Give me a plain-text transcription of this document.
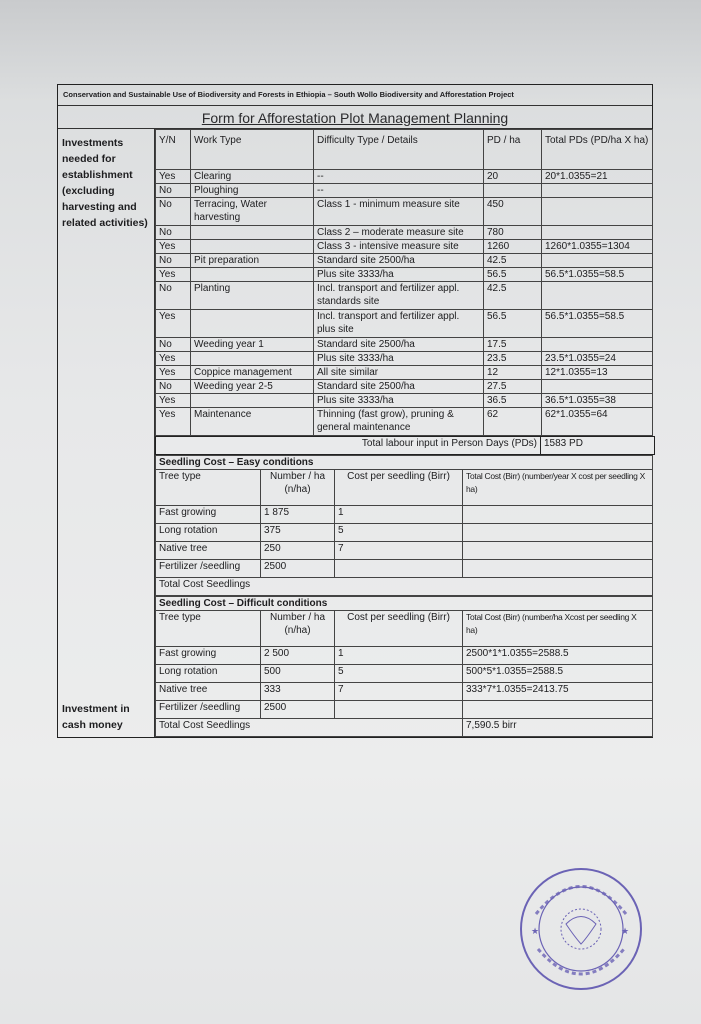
Conservation and Sustainable Use of Biodiversity and Forests in Ethiopia – South Wollo Biodiversity and Afforestation Project
Form for Afforestation Plot Management Planning
Investments needed for establishment (excluding harvesting and related activities)
Investment in cash money
Y/N	Work Type	Difficulty Type / Details	PD / ha	Total PDs (PD/ha X ha)
Yes	Clearing	--	20	20*1.0355=21
No	Ploughing	--		
No	Terracing, Water harvesting	Class 1 - minimum measure site	450	
No		Class 2 – moderate measure site	780	
Yes		Class 3 - intensive measure site	1260	1260*1.0355=1304
No	Pit preparation	Standard site 2500/ha	42.5	
Yes		Plus site 3333/ha	56.5	56.5*1.0355=58.5
No	Planting	Incl. transport and fertilizer appl. standards site	42.5	
Yes		Incl. transport and fertilizer appl. plus site	56.5	56.5*1.0355=58.5
No	Weeding year 1	Standard site 2500/ha	17.5	
Yes		Plus site 3333/ha	23.5	23.5*1.0355=24
Yes	Coppice management	All site similar	12	12*1.0355=13
No	Weeding year 2-5	Standard site 2500/ha	27.5	
Yes		Plus site 3333/ha	36.5	36.5*1.0355=38
Yes	Maintenance	Thinning (fast grow), pruning & general maintenance	62	62*1.0355=64
Total labour input in Person Days (PDs)	1583 PD
Seedling Cost – Easy conditions			
Tree type	Number / ha (n/ha)	Cost per seedling (Birr)	Total Cost (Birr) (number/year X cost per seedling X ha)
Fast growing	1 875	1	
Long rotation	375	5	
Native tree	250	7	
Fertilizer /seedling	2500		
Total Cost Seedlings			
Seedling Cost – Difficult conditions			
Tree type	Number / ha (n/ha)	Cost per seedling (Birr)	Total Cost (Birr) (number/ha Xcost per seedling X ha)
Fast growing	2 500	1	2500*1*1.0355=2588.5
Long rotation	500	5	500*5*1.0355=2588.5
Native tree	333	7	333*7*1.0355=2413.75
Fertilizer /seedling	2500		
Total Cost Seedlings			7,590.5 birr
★	★
